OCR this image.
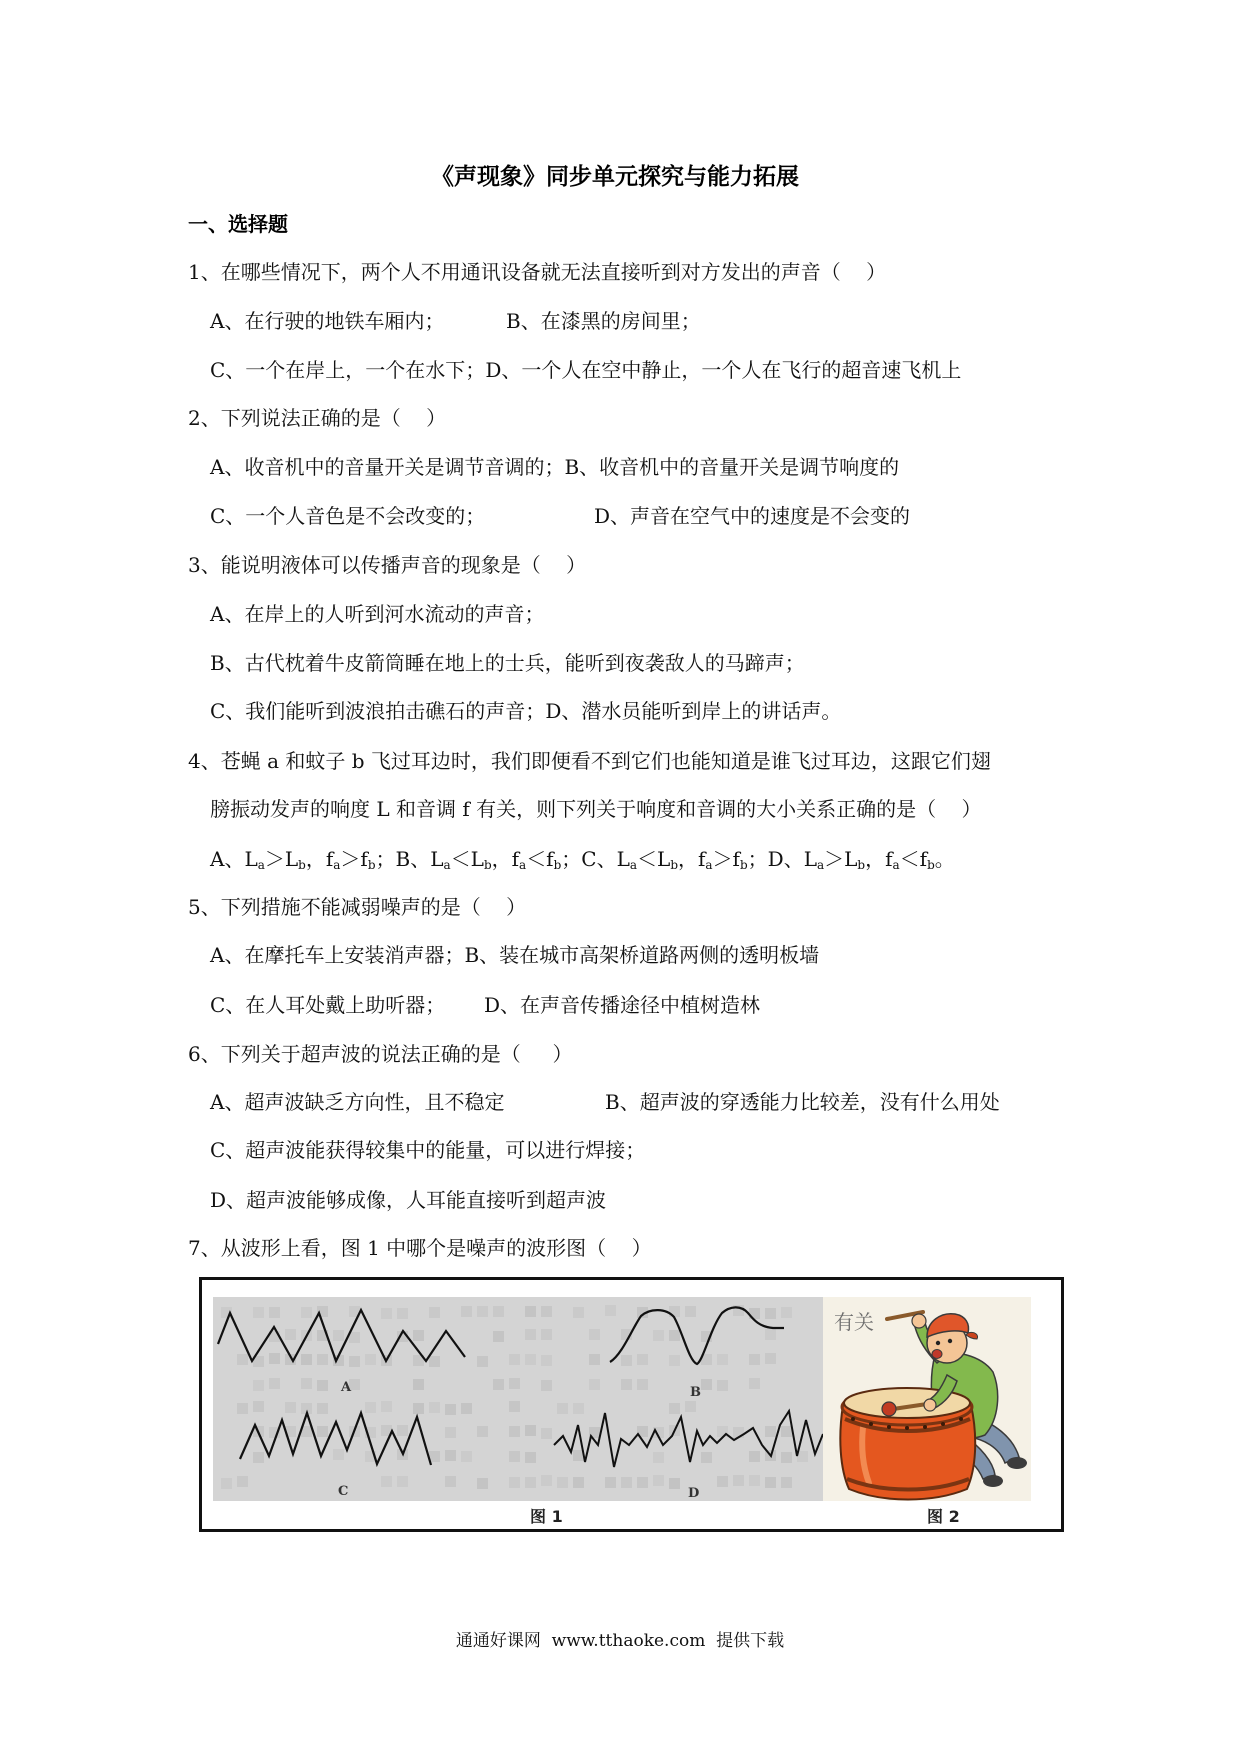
《声现象》同步单元探究与能力拓展
一、选择题
1、在哪些情况下，两个人不用通讯设备就无法直接听到对方发出的声音（    ）
A、在行驶的地铁车厢内；	B、在漆黑的房间里；
C、一个在岸上，一个在水下；D、一个人在空中静止，一个人在飞行的超音速飞机上
2、下列说法正确的是（    ）
A、收音机中的音量开关是调节音调的；B、收音机中的音量开关是调节响度的
C、一个人音色是不会改变的；	D、声音在空气中的速度是不会变的
3、能说明液体可以传播声音的现象是（    ）
A、在岸上的人听到河水流动的声音；
B、古代枕着牛皮箭筒睡在地上的士兵，能听到夜袭敌人的马蹄声；
C、我们能听到波浪拍击礁石的声音；D、潜水员能听到岸上的讲话声。
4、苍蝇 a 和蚊子 b 飞过耳边时，我们即便看不到它们也能知道是谁飞过耳边，这跟它们翅
膀振动发声的响度 L 和音调 f 有关，则下列关于响度和音调的大小关系正确的是（    ）
A、$L_a>L_b$，$f_a>f_b$；B、$L_a<L_b$，$f_a<f_b$；C、$L_a<L_b$，$f_a>f_b$；D、$L_a>L_b$，$f_a<f_b$。
5、下列措施不能减弱噪声的是（    ）
A、在摩托车上安装消声器；B、装在城市高架桥道路两侧的透明板墙
C、在人耳处戴上助听器； D、在声音传播途径中植树造林
6、下列关于超声波的说法正确的是（     ）
A、超声波缺乏方向性，且不稳定	B、超声波的穿透能力比较差，没有什么用处
C、超声波能获得较集中的能量，可以进行焊接；
D、超声波能够成像，人耳能直接听到超声波
7、从波形上看，图 1 中哪个是噪声的波形图（    ）
A	B
C	D
有关
图 1	图 2
通通好课网  www.tthaoke.com  提供下载
